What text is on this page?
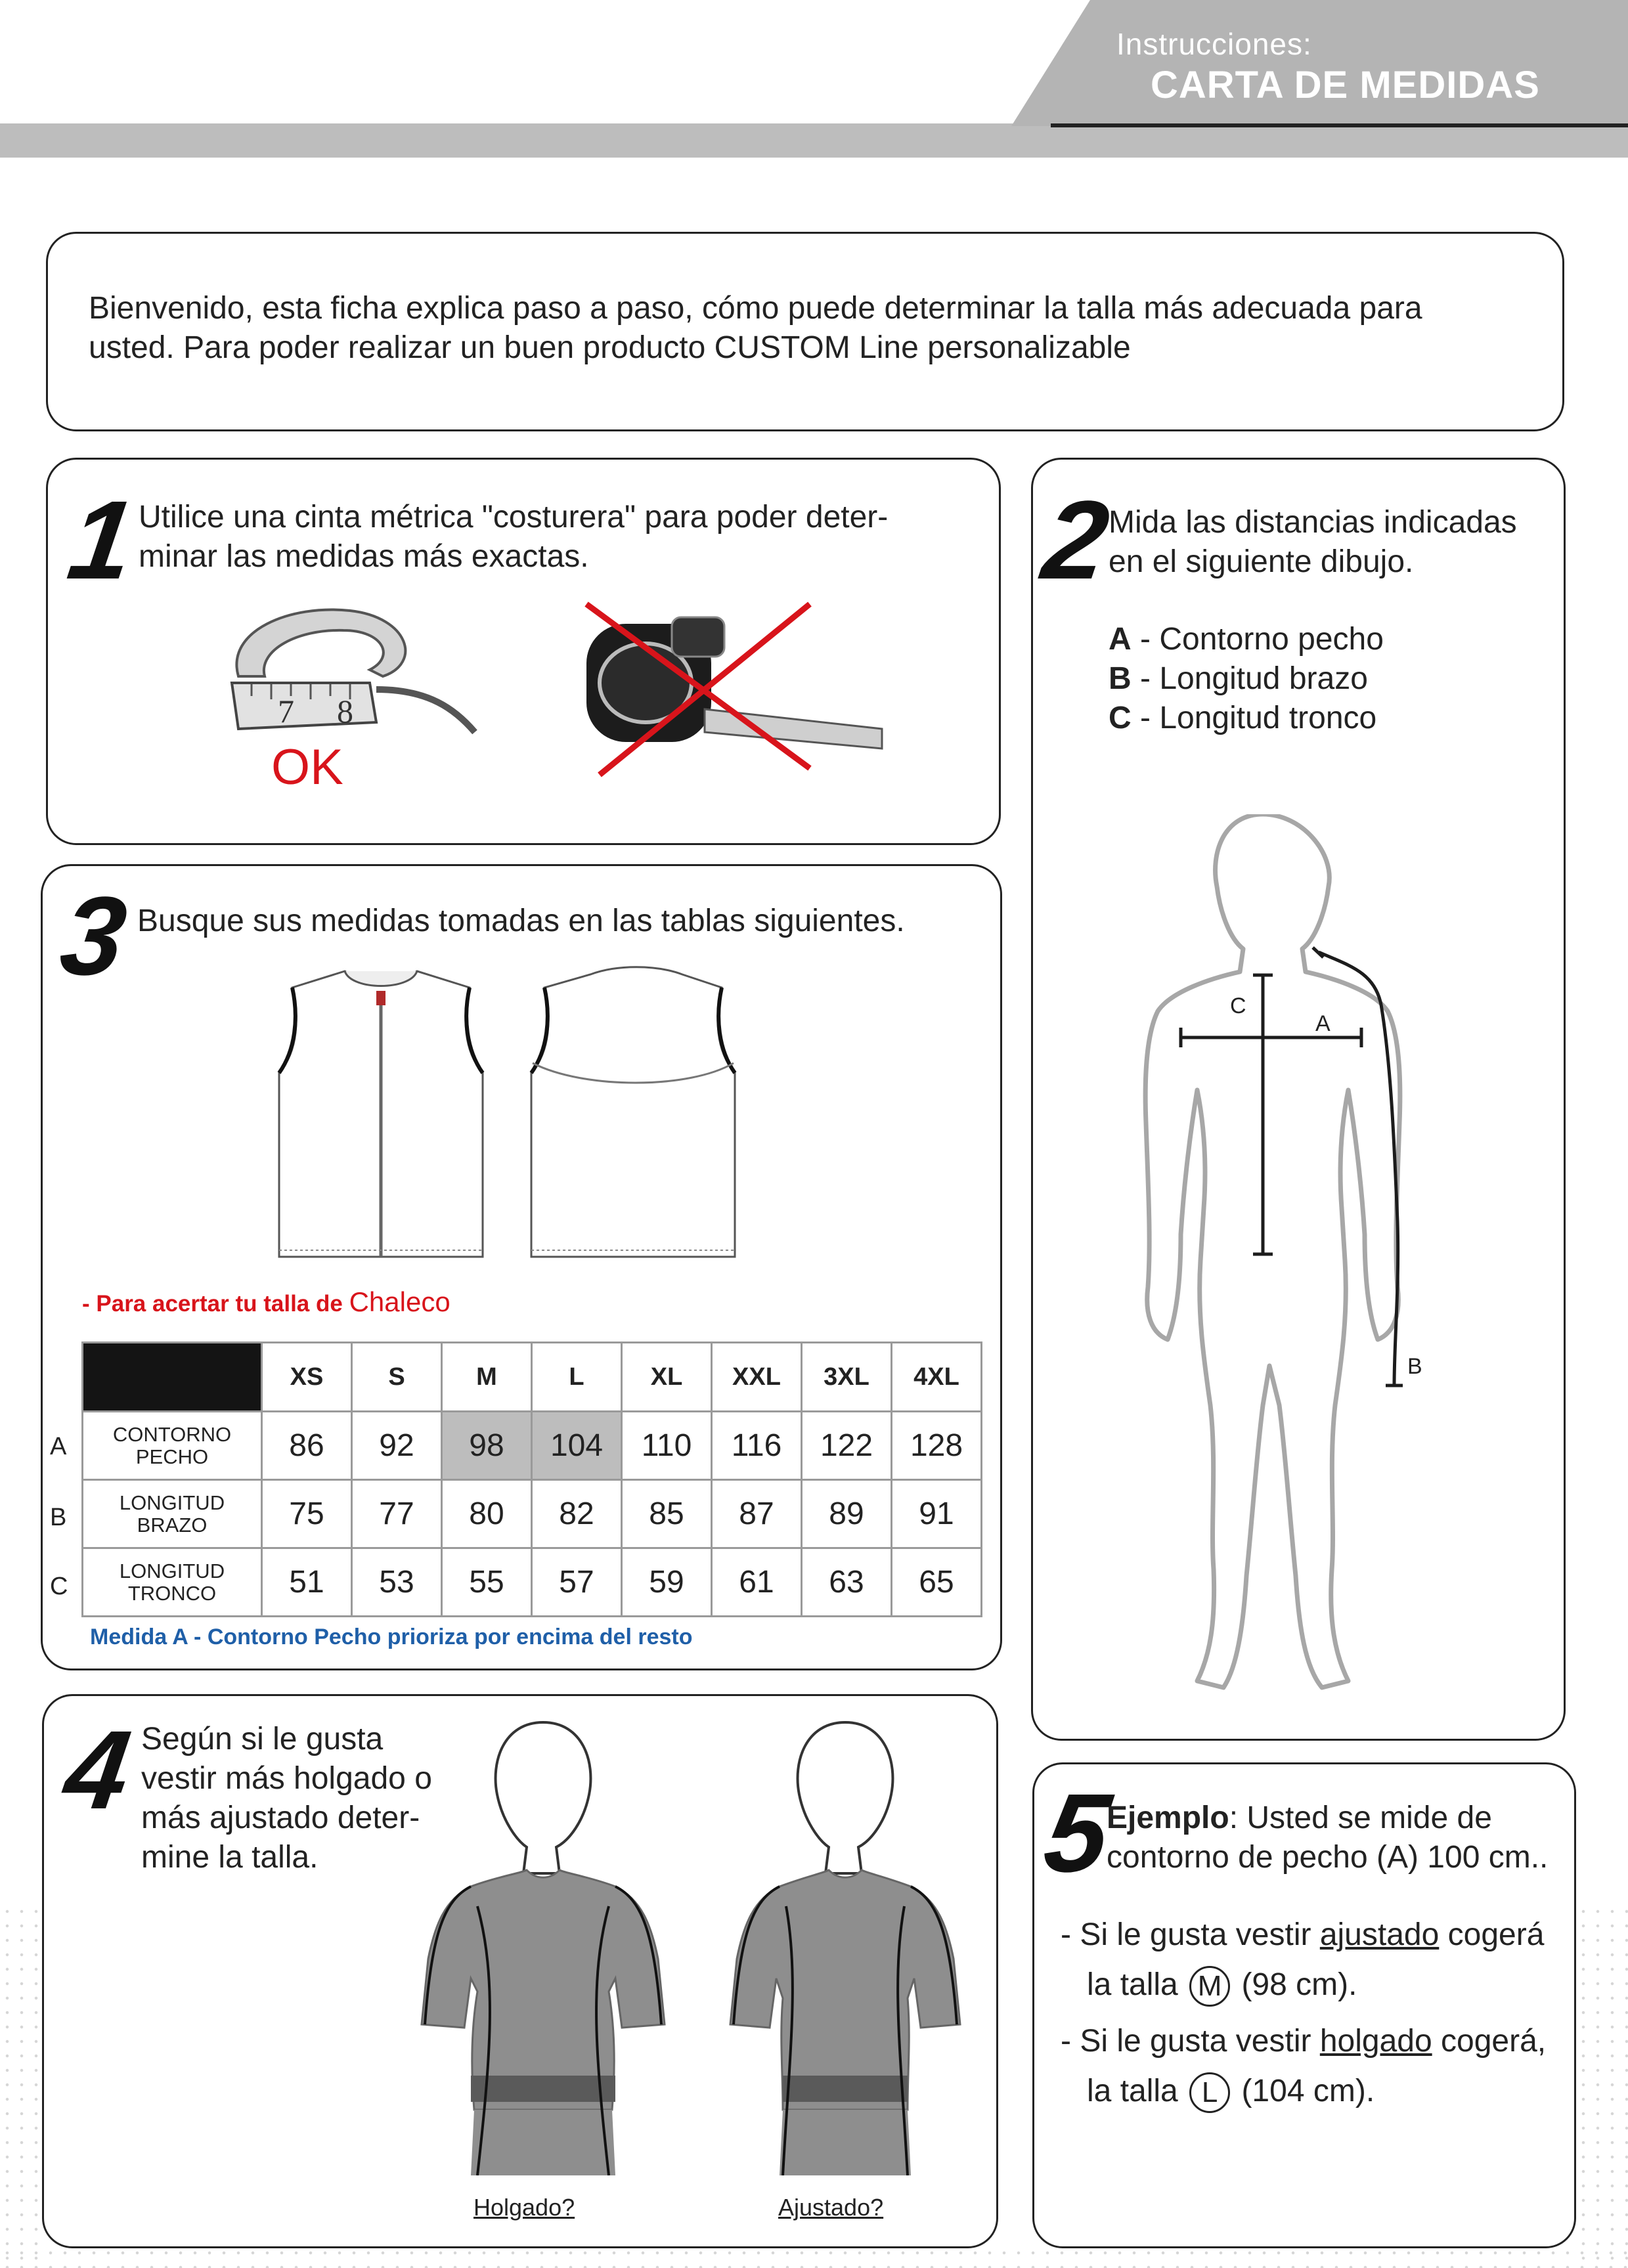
Instrucciones:
CARTA DE MEDIDAS
Bienvenido, esta ficha explica paso a paso, cómo puede determinar la talla más adecuada para
usted. Para poder realizar un buen producto CUSTOM Line personalizable
1
Utilice una cinta métrica "costurera" para poder deter-
minar las medidas más exactas.
7 8
OK
2
Mida las distancias indicadas
en el siguiente dibujo.
A - Contorno pecho
B - Longitud brazo
C - Longitud tronco
C
A
B
3 Busque sus medidas tomadas en las tablas siguientes.
- Para acertar tu talla de Chaleco
Medida A - Contorno Pecho prioriza por encima del resto
A
B
C
	XS	S	M	L	XL	XXL	3XL	4XL
CONTORNO
PECHO	86	92	98	104	110	116	122	128
LONGITUD
BRAZO	75	77	80	82	85	87	89	91
LONGITUD
TRONCO	51	53	55	57	59	61	63	65
4 Según si le gusta
vestir más holgado o
más ajustado deter-
mine la talla.
Holgado?	Ajustado?
5
Ejemplo: Usted se mide de
contorno de pecho (A) 100 cm..
- Si le gusta vestir ajustado cogerá
la talla M (98 cm).
- Si le gusta vestir holgado cogerá,
la talla L (104 cm).
